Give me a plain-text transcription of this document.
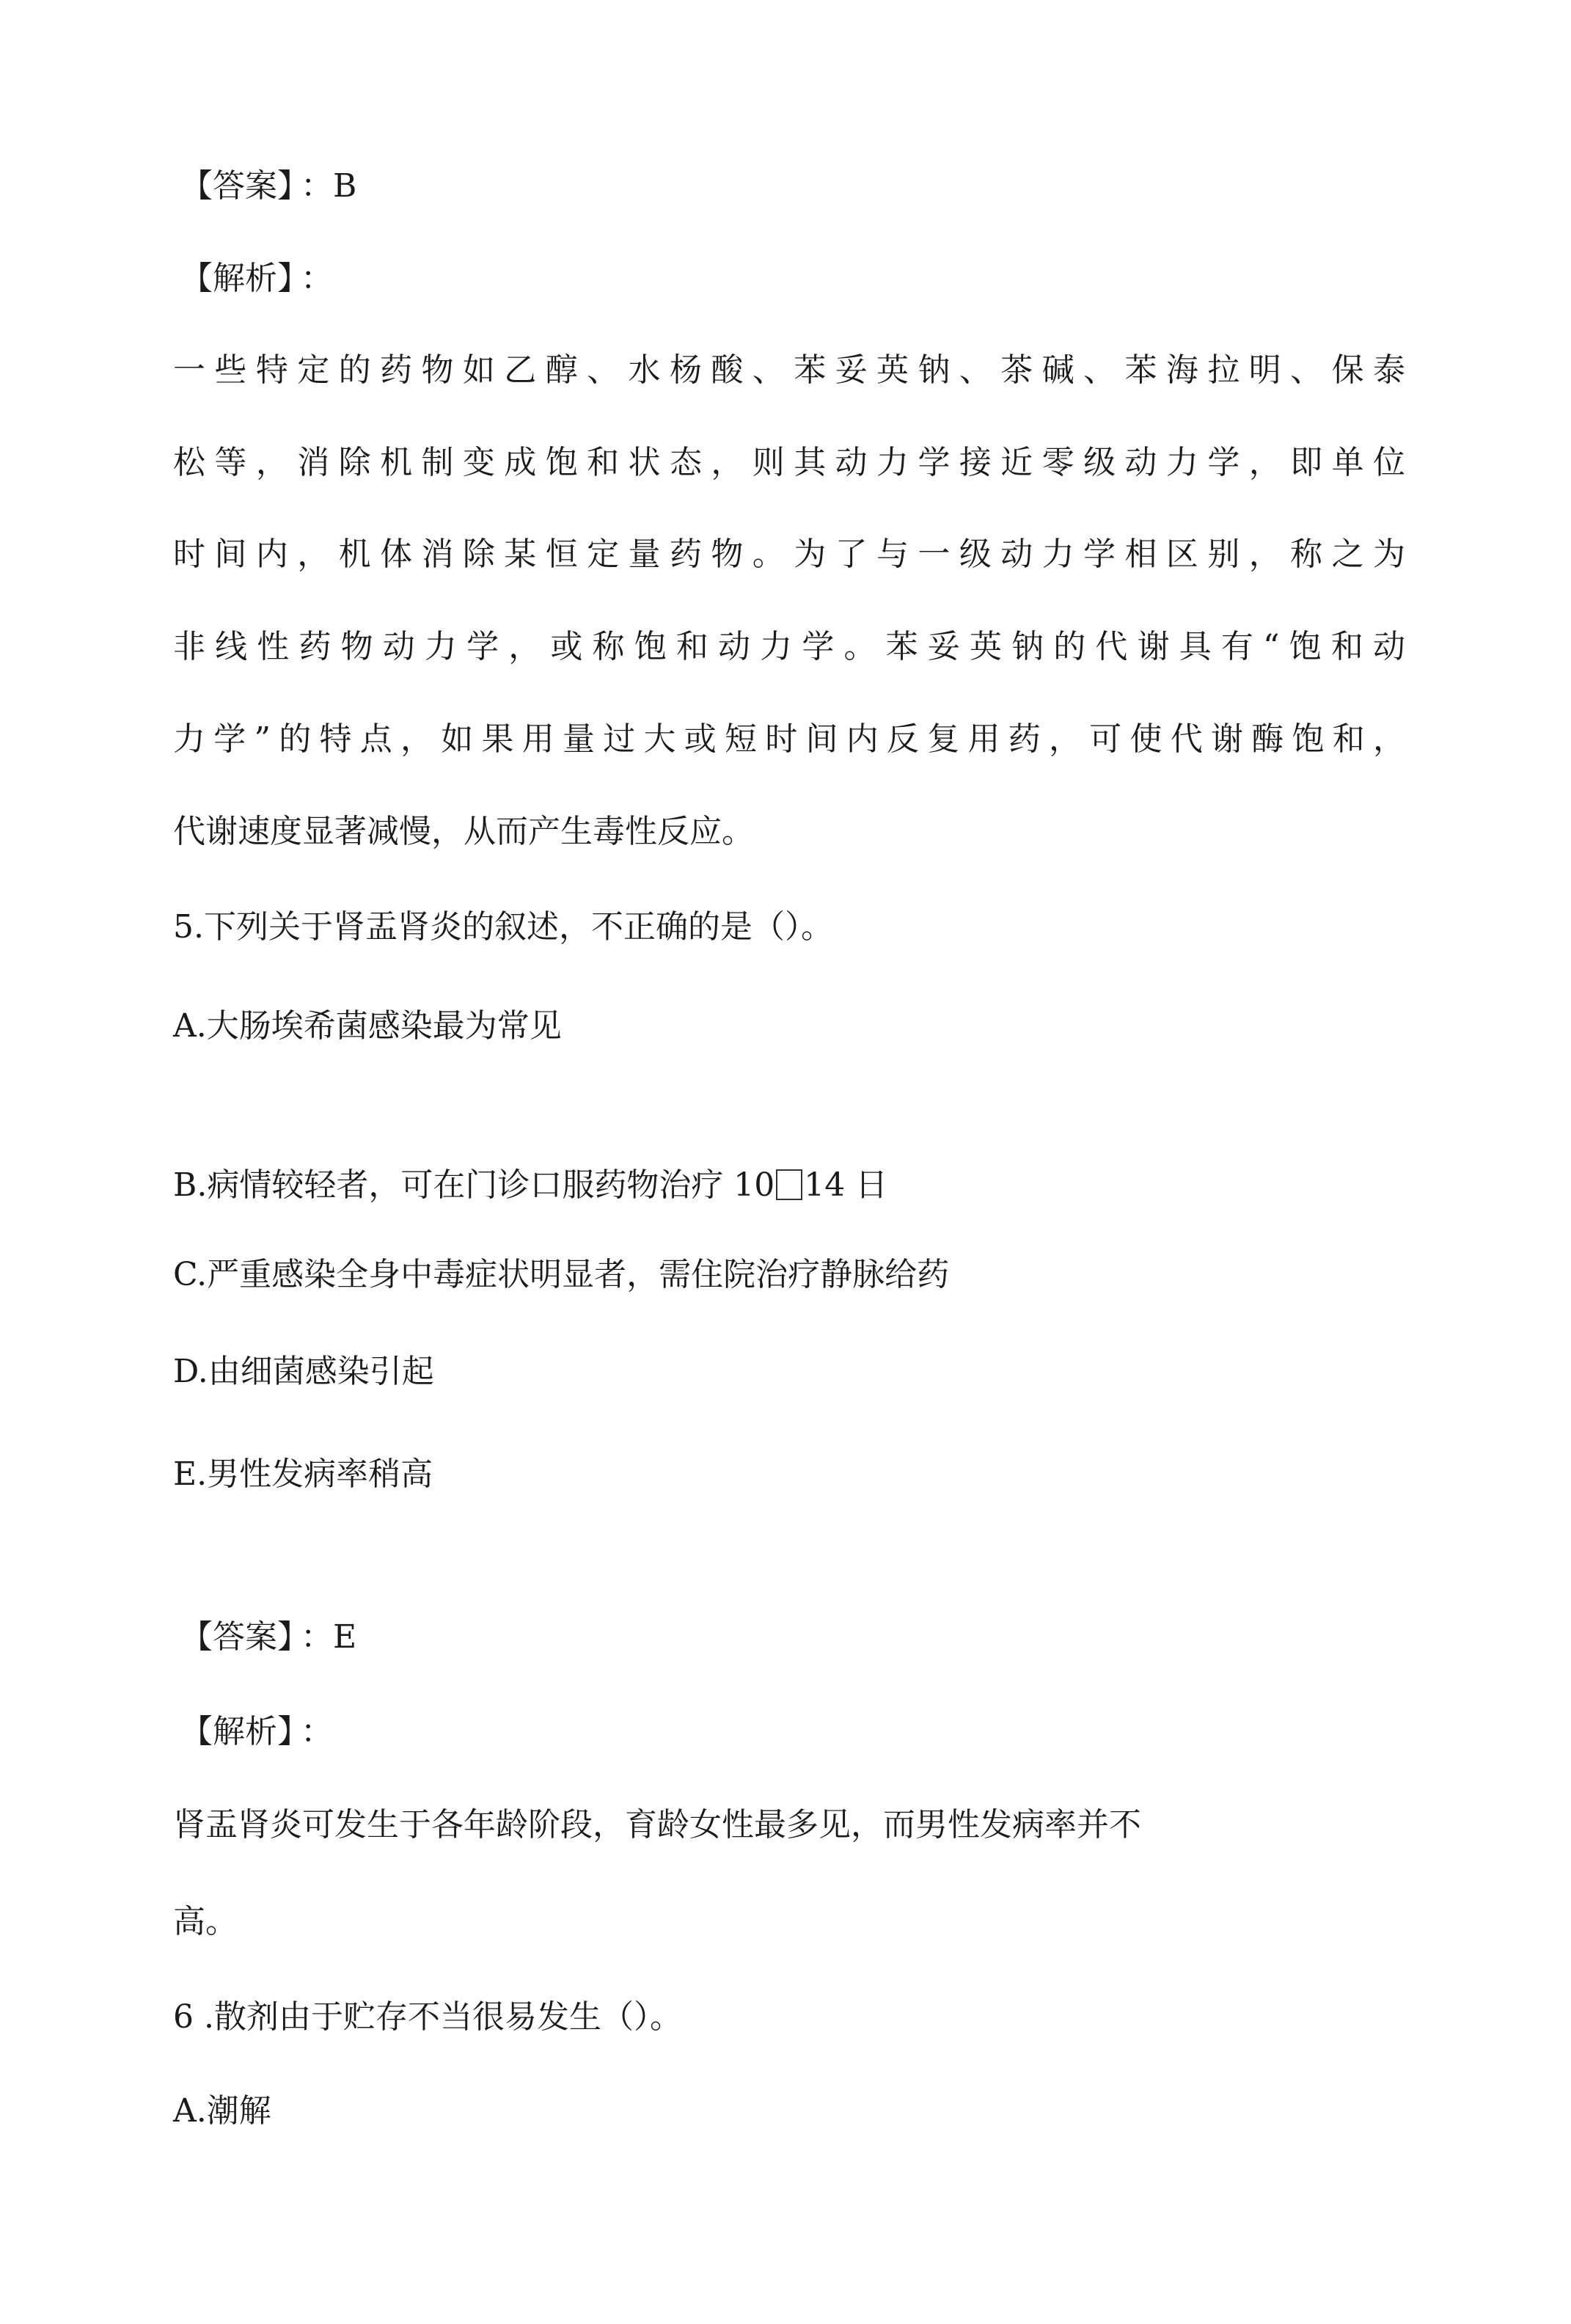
【答案】 ：B

【解析】 ：

一些特定的药物如乙醇、水杨酸、苯妥英钠、茶碱、苯海拉明、保泰

松等，消除机制变成饱和状态，则其动力学接近零级动力学，即单位

时间内，机体消除某恒定量药物。为了与一级动力学相区别，称之为

非线性药物动力学，或称饱和动力学。苯妥英钠的代谢具有“饱和动

力学”的特点，如果用量过大或短时间内反复用药，可使代谢酶饱和，

代谢速度显著减慢，从而产生毒性反应。

5.下列关于肾盂肾炎的叙述，不正确的是（）。

A.大肠埃希菌感染最为常见

B.病情较轻者，可在门诊口服药物治疗 10 14 日

C.严重感染全身中毒症状明显者，需住院治疗静脉给药

D.由细菌感染引起

E.男性发病率稍高

【答案】 ：E

【解析】 ：

肾盂肾炎可发生于各年龄阶段，育龄女性最多见，而男性发病率并不

高。

6 .散剂由于贮存不当很易发生（）。

A.潮解
